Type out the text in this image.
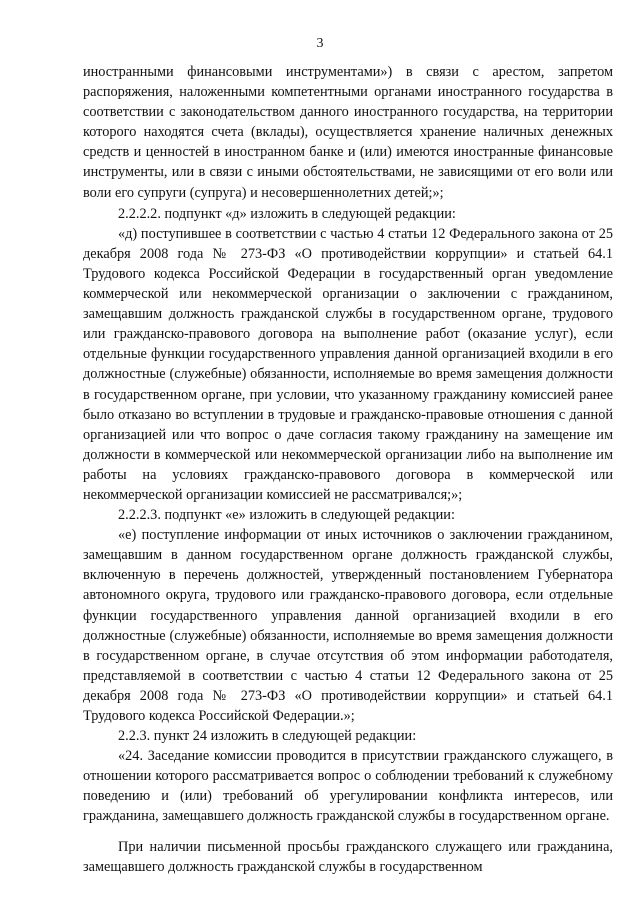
3

иностранными финансовыми инструментами») в связи с арестом, запретом распоряжения, наложенными компетентными органами иностранного государства в соответствии с законодательством данного иностранного государства, на территории которого находятся счета (вклады), осуществляется хранение наличных денежных средств и ценностей в иностранном банке и (или) имеются иностранные финансовые инструменты, или в связи с иными обстоятельствами, не зависящими от его воли или воли его супруги (супруга) и несовершеннолетних детей;»;

2.2.2.2. подпункт «д» изложить в следующей редакции:

«д) поступившее в соответствии с частью 4 статьи 12 Федерального закона от 25 декабря 2008 года № 273-ФЗ «О противодействии коррупции» и статьей 64.1 Трудового кодекса Российской Федерации в государственный орган уведомление коммерческой или некоммерческой организации о заключении с гражданином, замещавшим должность гражданской службы в государственном органе, трудового или гражданско-правового договора на выполнение работ (оказание услуг), если отдельные функции государственного управления данной организацией входили в его должностные (служебные) обязанности, исполняемые во время замещения должности в государственном органе, при условии, что указанному гражданину комиссией ранее было отказано во вступлении в трудовые и гражданско-правовые отношения с данной организацией или что вопрос о даче согласия такому гражданину на замещение им должности в коммерческой или некоммерческой организации либо на выполнение им работы на условиях гражданско-правового договора в коммерческой или некоммерческой организации комиссией не рассматривался;»;

2.2.2.3. подпункт «е» изложить в следующей редакции:

«е) поступление информации от иных источников о заключении гражданином, замещавшим в данном государственном органе должность гражданской службы, включенную в перечень должностей, утвержденный постановлением Губернатора автономного округа, трудового или гражданско-правового договора, если отдельные функции государственного управления данной организацией входили в его должностные (служебные) обязанности, исполняемые во время замещения должности в государственном органе, в случае отсутствия об этом информации работодателя, представляемой в соответствии с частью 4 статьи 12 Федерального закона от 25 декабря 2008 года № 273-ФЗ «О противодействии коррупции» и статьей 64.1 Трудового кодекса Российской Федерации.»;

2.2.3. пункт 24 изложить в следующей редакции:

«24. Заседание комиссии проводится в присутствии гражданского служащего, в отношении которого рассматривается вопрос о соблюдении требований к служебному поведению и (или) требований об урегулировании конфликта интересов, или гражданина, замещавшего должность гражданской службы в государственном органе.

При наличии письменной просьбы гражданского служащего или гражданина, замещавшего должность гражданской службы в государственном
